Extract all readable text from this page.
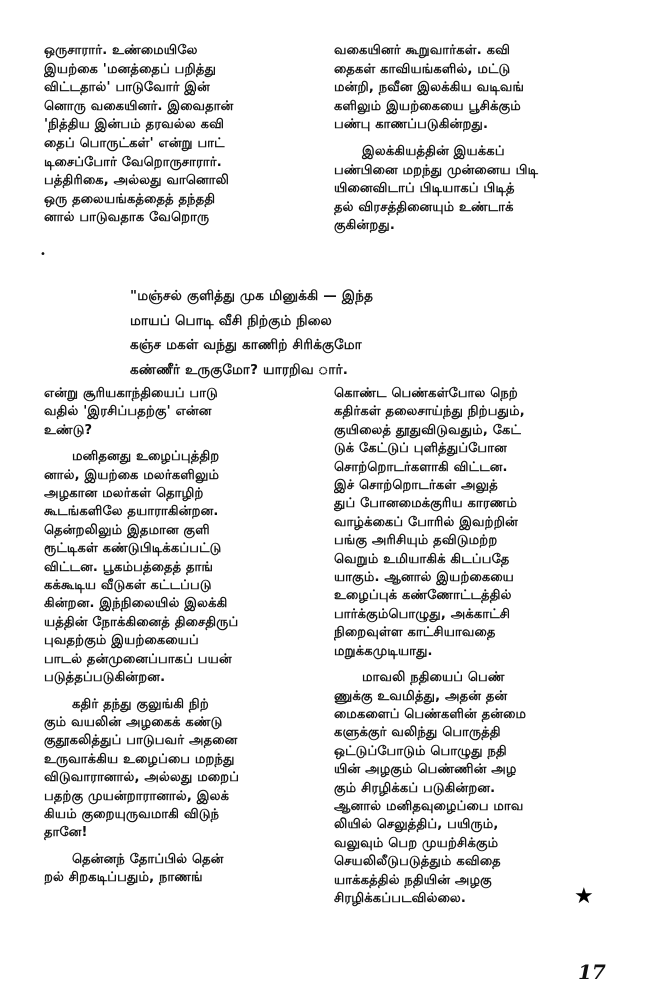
ஒருசாரார். உண்மையிலே
இயற்கை 'மனத்தைப் பறித்து
விட்டதால்' பாடுவோர் இன்
னொரு வகையினர். இவைதான்
'நித்திய இன்பம் தரவல்ல கவி
தைப் பொருட்கள்' என்று பாட்
டிசைப்போர் வேறொருசாரார்.
பத்திரிகை, அல்லது வானொலி
ஒரு தலையங்கத்தைத் தந்ததி
னால் பாடுவதாக வேறொரு

•

வகையினர் கூறுவார்கள். கவி
தைகள் காவியங்களில், மட்டு
மன்றி, நவீன இலக்கிய வடிவங்
களிலும் இயற்கையை பூசிக்கும்
பண்பு காணப்படுகின்றது.

இலக்கியத்தின் இயக்கப்
பண்பினை மறந்து முன்னைய பிடி
யினைவிடாப் பிடியாகப் பிடித்
தல் விரசத்தினையும் உண்டாக்
குகின்றது.

"மஞ்சல் குளித்து முக மினுக்கி — இந்த
மாயப் பொடி வீசி நிற்கும் நிலை
கஞ்ச மகள் வந்து காணிற் சிரிக்குமோ
கண்ணீர் உருகுமோ? யாரறிவ ார்.

என்று சூரியகாந்தியைப் பாடு
வதில் 'இரசிப்பதற்கு' என்ன
உண்டு?

மனிதனது உழைப்புத்திற
னால், இயற்கை மலர்களிலும்
அழகான மலர்கள் தொழிற்
கூடங்களிலே தயாராகின்றன.
தென்றலிலும் இதமான குளி
ரூட்டிகள் கண்டுபிடிக்கப்பட்டு
விட்டன. பூகம்பத்தைத் தாங்
கக்கூடிய வீடுகள் கட்டப்படு
கின்றன. இந்நிலையில் இலக்கி
யத்தின் நோக்கினைத் திசைதிருப்
புவதற்கும் இயற்கையைப்
பாடல் தன்முனைப்பாகப் பயன்
படுத்தப்படுகின்றன.

கதிர் தந்து குலுங்கி நிற்
கும் வயலின் அழகைக் கண்டு
குதூகலித்துப் பாடுபவர் அதனை
உருவாக்கிய உழைப்பை மறந்து
விடுவாரானால், அல்லது மறைப்
பதற்கு முயன்றாரானால், இலக்
கியம் குறையுருவமாகி விடுந்
தானே!

தென்னந் தோப்பில் தென்
றல் சிறகடிப்பதும், நாணங்

கொண்ட பெண்கள்போல நெற்
கதிர்கள் தலைசாய்ந்து நிற்பதும்,
குயிலைத் தூதுவிடுவதும், கேட்
டுக் கேட்டுப் புளித்துப்போன
சொற்றொடர்களாகி விட்டன.
இச் சொற்றொடர்கள் அலுத்
துப் போனமைக்குரிய காரணம்
வாழ்க்கைப் போரில் இவற்றின்
பங்கு அரிசியும் தவிடுமற்ற
வெறும் உமியாகிக் கிடப்பதே
யாகும். ஆனால் இயற்கையை
உழைப்புக் கண்ணோட்டத்தில்
பார்க்கும்பொழுது, அக்காட்சி
நிறைவுள்ள காட்சியாவதை
மறுக்கமுடியாது.

மாவலி நதியைப் பெண்
ணுக்கு உவமித்து, அதன் தன்
மைகளைப் பெண்களின் தன்மை
களுக்குர் வலிந்து பொருத்தி
ஒட்டுப்போடும் பொழுது நதி
யின் அழகும் பெண்ணின் அழ
கும் சிரழிக்கப் படுகின்றன.
ஆனால் மனிதவுழைப்பை மாவ
லியில் செலுத்திப், பயிரும்,
வலுவும் பெற முயற்சிக்கும்
செயலிலீடுபடுத்தும் கவிதை
யாக்கத்தில் நதியின் அழகு
சிரழிக்கப்படவில்லை.	★
17
